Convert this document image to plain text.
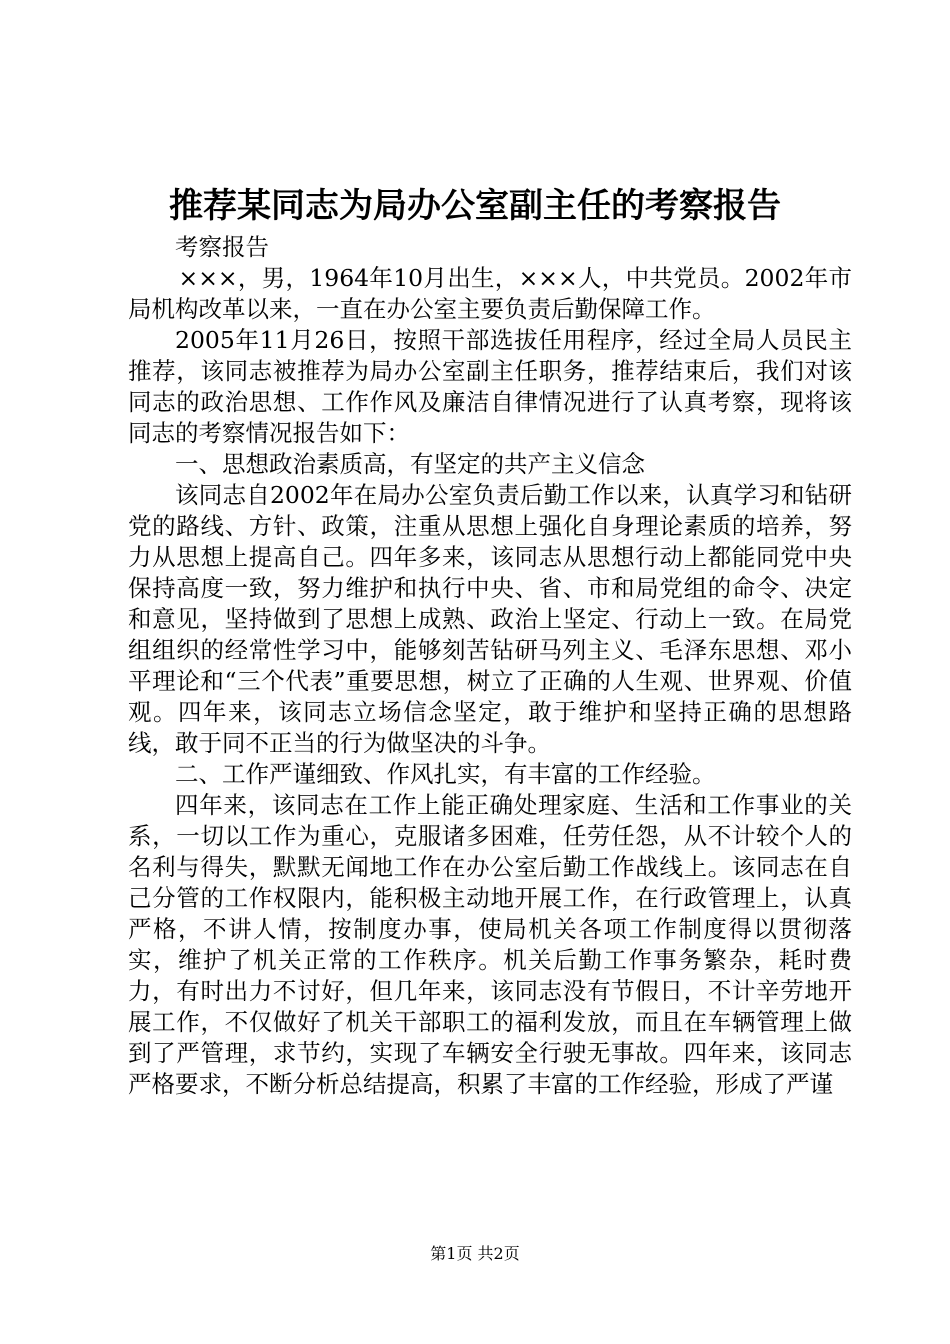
推荐某同志为局办公室副主任的考察报告

考察报告

×××，男，1964年10月出生，×××人，中共党员。2002年市局机构改革以来，一直在办公室主要负责后勤保障工作。

2005年11月26日，按照干部选拔任用程序，经过全局人员民主推荐，该同志被推荐为局办公室副主任职务，推荐结束后，我们对该同志的政治思想、工作作风及廉洁自律情况进行了认真考察，现将该同志的考察情况报告如下：

一、思想政治素质高，有坚定的共产主义信念

该同志自2002年在局办公室负责后勤工作以来，认真学习和钻研党的路线、方针、政策，注重从思想上强化自身理论素质的培养，努力从思想上提高自己。四年多来，该同志从思想行动上都能同党中央保持高度一致，努力维护和执行中央、省、市和局党组的命令、决定和意见，坚持做到了思想上成熟、政治上坚定、行动上一致。在局党组组织的经常性学习中，能够刻苦钻研马列主义、毛泽东思想、邓小平理论和“三个代表”重要思想，树立了正确的人生观、世界观、价值观。四年来，该同志立场信念坚定，敢于维护和坚持正确的思想路线，敢于同不正当的行为做坚决的斗争。

二、工作严谨细致、作风扎实，有丰富的工作经验。

四年来，该同志在工作上能正确处理家庭、生活和工作事业的关系，一切以工作为重心，克服诸多困难，任劳任怨，从不计较个人的名利与得失，默默无闻地工作在办公室后勤工作战线上。该同志在自己分管的工作权限内，能积极主动地开展工作，在行政管理上，认真严格，不讲人情，按制度办事，使局机关各项工作制度得以贯彻落实，维护了机关正常的工作秩序。机关后勤工作事务繁杂，耗时费力，有时出力不讨好，但几年来，该同志没有节假日，不计辛劳地开展工作，不仅做好了机关干部职工的福利发放，而且在车辆管理上做到了严管理，求节约，实现了车辆安全行驶无事故。四年来，该同志严格要求，不断分析总结提高，积累了丰富的工作经验，形成了严谨

第1页 共2页
